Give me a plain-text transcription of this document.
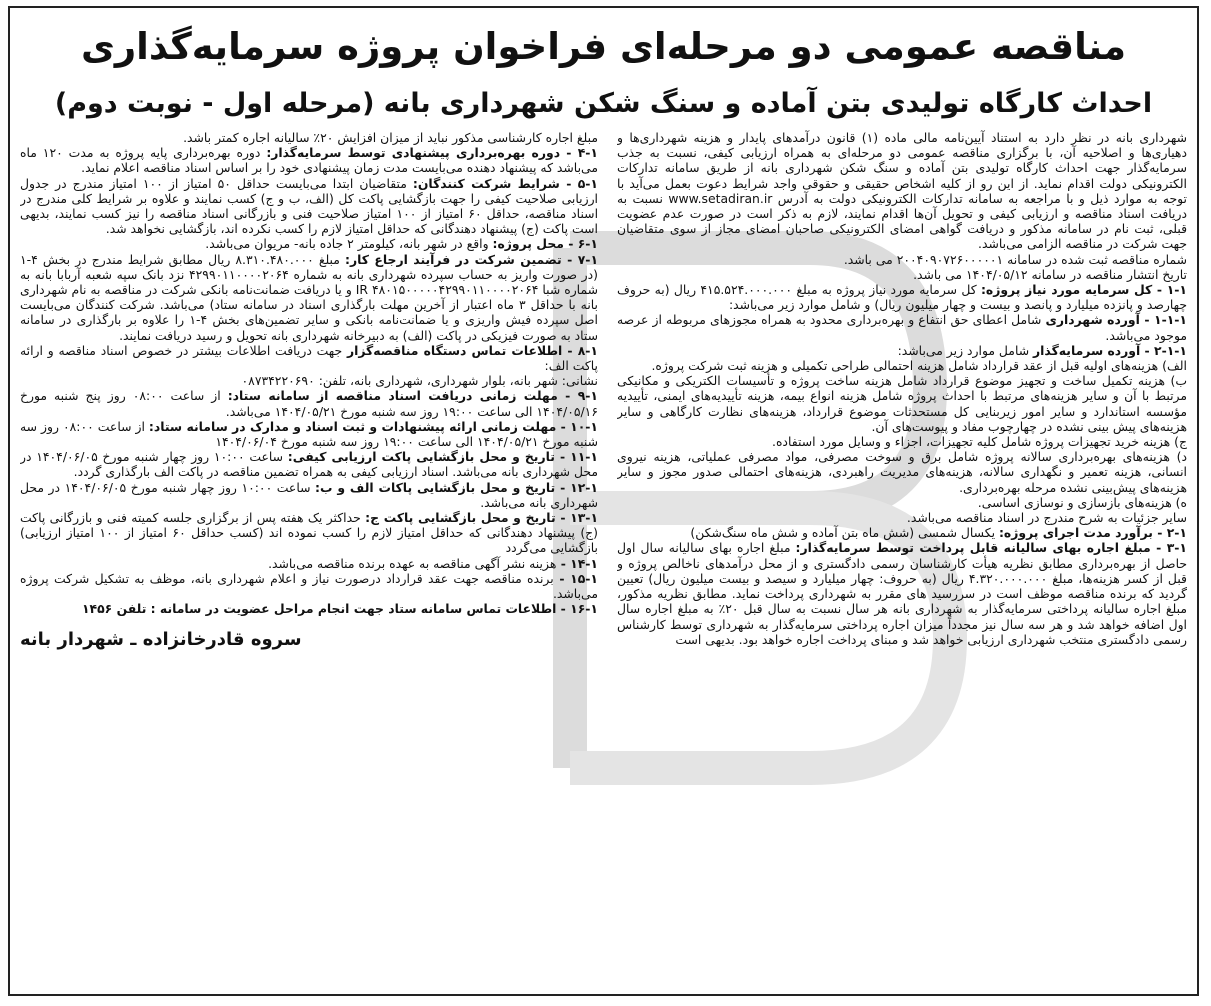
مناقصه عمومی دو مرحله‌ای فراخوان پروژه سرمایه‌گذاری
احداث کارگاه تولیدی بتن آماده و سنگ شکن شهرداری بانه (مرحله اول - نوبت دوم)

شهرداری بانه در نظر دارد به استناد آیین‌نامه مالی ماده (۱) قانون درآمدهای پایدار و هزینه شهرداری‌ها و دهیاری‌ها و اصلاحیه آن، با برگزاری مناقصه عمومی دو مرحله‌ای به همراه ارزیابی کیفی، نسبت به جذب سرمایه‌گذار جهت احداث کارگاه تولیدی بتن آماده و سنگ شکن شهرداری بانه از طریق سامانه تدارکات الکترونیکی دولت اقدام نماید. از این رو از کلیه اشخاص حقیقی و حقوقی واجد شرایط دعوت بعمل می‌آید با توجه به موارد ذیل و با مراجعه به سامانه تدارکات الکترونیکی دولت به آدرس www.setadiran.ir نسبت به دریافت اسناد مناقصه و ارزیابی کیفی و تحویل آن‌ها اقدام نمایند، لازم به ذکر است در صورت عدم عضویت قبلی، ثبت نام در سامانه مذکور و دریافت گواهی امضای الکترونیکی صاحبان امضای مجاز از سوی متقاضیان جهت شرکت در مناقصه الزامی می‌باشد.

شماره مناقصه ثبت شده در سامانه ۲۰۰۴۰۹۰۷۲۶۰۰۰۰۰۱ می باشد.

تاریخ انتشار مناقصه در سامانه ۱۴۰۴/۰۵/۱۲ می باشد.

۱-۱ - کل سرمایه مورد نیاز پروژه: کل سرمایه مورد نیاز پروژه به مبلغ ۴۱۵.۵۲۴.۰۰۰.۰۰۰ ریال (به حروف چهارصد و پانزده میلیارد و پانصد و بیست و چهار میلیون ریال) و شامل موارد زیر می‌باشد:

۱-۱-۱ - آورده شهرداری شامل اعطای حق انتفاع و بهره‌برداری محدود به همراه مجوزهای مربوطه از عرصه موجود می‌باشد.

۲-۱-۱ - آورده سرمایه‌گذار شامل موارد زیر می‌باشد:

الف) هزینه‌های اولیه قبل از عقد قرارداد شامل هزینه احتمالی طراحی تکمیلی و هزینه ثبت شرکت پروژه.

ب) هزینه تکمیل ساخت و تجهیز موضوع قرارداد شامل هزینه ساخت پروژه و تأسیسات الکتریکی و مکانیکی مرتبط با آن و سایر هزینه‌های مرتبط با احداث پروژه شامل هزینه انواع بیمه، هزینه تأییدیه‌های ایمنی، تأییدیه مؤسسه استاندارد و سایر امور زیربنایی کل مستحدثات موضوع قرارداد، هزینه‌های نظارت کارگاهی و سایر هزینه‌های پیش بینی نشده در چهارچوب مفاد و پیوست‌های آن.

ج) هزینه خرید تجهیزات پروژه شامل کلیه تجهیزات، اجزاء و وسایل مورد استفاده.

د) هزینه‌های بهره‌برداری سالانه پروژه شامل برق و سوخت مصرفی، مواد مصرفی عملیاتی، هزینه نیروی انسانی، هزینه تعمیر و نگهداری سالانه، هزینه‌های مدیریت راهبردی، هزینه‌های احتمالی صدور مجوز و سایر هزینه‌های پیش‌بینی نشده مرحله بهره‌برداری.

ه) هزینه‌های بازسازی و نوسازی اساسی.

سایر جزئیات به شرح مندرج در اسناد مناقصه می‌باشد.

۲-۱ - برآورد مدت اجرای پروژه: یکسال شمسی (شش ماه بتن آماده و شش ماه سنگ‌شکن)

۳-۱ - مبلغ اجاره بهای سالیانه قابل پرداخت توسط سرمایه‌گذار: مبلغ اجاره بهای سالیانه سال اول حاصل از بهره‌برداری مطابق نظریه هیأت کارشناسان رسمی دادگستری و از محل درآمدهای ناخالص پروژه و قبل از کسر هزینه‌ها، مبلغ ۴.۳۲۰.۰۰۰.۰۰۰ ریال (به حروف: چهار میلیارد و سیصد و بیست میلیون ریال) تعیین گردید که برنده مناقصه موظف است در سررسید های مقرر به شهرداری پرداخت نماید. مطابق نظریه مذکور، مبلغ اجاره سالیانه پرداختی سرمایه‌گذار به شهرداری بانه هر سال نسبت به سال قبل ۲۰٪ به مبلغ اجاره سال اول اضافه خواهد شد و هر سه سال نیز مجدداً میزان اجاره پرداختی سرمایه‌گذار به شهرداری توسط کارشناس رسمی دادگستری منتخب شهرداری ارزیابی خواهد شد و مبنای پرداخت اجاره خواهد بود. بدیهی است

مبلغ اجاره کارشناسی مذکور نباید از میزان افزایش ۲۰٪ سالیانه اجاره کمتر باشد.

۴-۱ - دوره بهره‌برداری پیشنهادی توسط سرمایه‌گذار: دوره بهره‌برداری پایه پروژه به مدت ۱۲۰ ماه می‌باشد که پیشنهاد دهنده می‌بایست مدت زمان پیشنهادی خود را بر اساس اسناد مناقصه اعلام نماید.

۵-۱ - شرایط شرکت کنندگان: متقاضیان ابتدا می‌بایست حداقل ۵۰ امتیاز از ۱۰۰ امتیاز مندرج در جدول ارزیابی صلاحیت کیفی را جهت بازگشایی پاکت کل (الف، ب و ج) کسب نمایند و علاوه بر شرایط کلی مندرج در اسناد مناقصه، حداقل ۶۰ امتیاز از ۱۰۰ امتیاز صلاحیت فنی و بازرگانی اسناد مناقصه را نیز کسب نمایند، بدیهی است پاکت (ج) پیشنهاد دهندگانی که حداقل امتیاز لازم را کسب نکرده اند، بازگشایی نخواهد شد.

۶-۱ - محل پروژه: واقع در شهر بانه، کیلومتر ۲ جاده بانه- مریوان می‌باشد.

۷-۱ - تضمین شرکت در فرآیند ارجاع کار: مبلغ ۸.۳۱۰.۴۸۰.۰۰۰ ریال مطابق شرایط مندرج در بخش ۴-۱ (در صورت واریز به حساب سپرده شهرداری بانه به شماره ۴۲۹۹۰۱۱۰۰۰۰۲۰۶۴ نزد بانک سپه شعبه آربابا بانه به شماره شبا IR ۴۸۰۱۵۰۰۰۰۰۴۲۹۹۰۱۱۰۰۰۰۲۰۶۴ و یا دریافت ضمانت‌نامه بانکی شرکت در مناقصه به نام شهرداری بانه با حداقل ۳ ماه اعتبار از آخرین مهلت بارگذاری اسناد در سامانه ستاد) می‌باشد. شرکت کنندگان می‌بایست اصل سپرده فیش واریزی و یا ضمانت‌نامه بانکی و سایر تضمین‌های بخش ۴-۱ را علاوه بر بارگذاری در سامانه ستاد به صورت فیزیکی در پاکت (الف) به دبیرخانه شهرداری بانه تحویل و رسید دریافت نمایند.

۸-۱ - اطلاعات تماس دستگاه مناقصه‌گزار جهت دریافت اطلاعات بیشتر در خصوص اسناد مناقصه و ارائه پاکت الف:

نشانی: شهر بانه، بلوار شهرداری، شهرداری بانه، تلفن: ۰۸۷۳۴۲۲۰۶۹۰

۹-۱ - مهلت زمانی دریافت اسناد مناقصه از سامانه ستاد: از ساعت ۰۸:۰۰ روز پنج شنبه مورخ ۱۴۰۴/۰۵/۱۶ الی ساعت ۱۹:۰۰ روز سه شنبه مورخ ۱۴۰۴/۰۵/۲۱ می‌باشد.

۱۰-۱ - مهلت زمانی ارائه پیشنهادات و ثبت اسناد و مدارک در سامانه ستاد: از ساعت ۰۸:۰۰ روز سه شنبه مورخ ۱۴۰۴/۰۵/۲۱ الی ساعت ۱۹:۰۰ روز سه شنبه مورخ ۱۴۰۴/۰۶/۰۴

۱۱-۱ - تاریخ و محل بازگشایی پاکت ارزیابی کیفی: ساعت ۱۰:۰۰ روز چهار شنبه مورخ ۱۴۰۴/۰۶/۰۵ در محل شهرداری بانه می‌باشد. اسناد ارزیابی کیفی به همراه تضمین مناقصه در پاکت الف بارگذاری گردد.

۱۲-۱ - تاریخ و محل بازگشایی پاکات الف و ب: ساعت ۱۰:۰۰ روز چهار شنبه مورخ ۱۴۰۴/۰۶/۰۵ در محل شهرداری بانه می‌باشد.

۱۳-۱ - تاریخ و محل بازگشایی پاکت ج: حداکثر یک هفته پس از برگزاری جلسه کمیته فنی و بازرگانی پاکت (ج) پیشنهاد دهندگانی که حداقل امتیاز لازم را کسب نموده اند (کسب حداقل ۶۰ امتیاز از ۱۰۰ امتیاز ارزیابی) بازگشایی می‌گردد

۱۴-۱ - هزینه نشر آگهی مناقصه به عهده برنده مناقصه می‌باشد.

۱۵-۱ - برنده مناقصه جهت عقد قرارداد درصورت نیاز و اعلام شهرداری بانه، موظف به تشکیل شرکت پروژه می‌باشد.

۱۶-۱ - اطلاعات تماس سامانه ستاد جهت انجام مراحل عضویت در سامانه : تلفن ۱۴۵۶

سروه قادرخانزاده ـ شهردار بانه
